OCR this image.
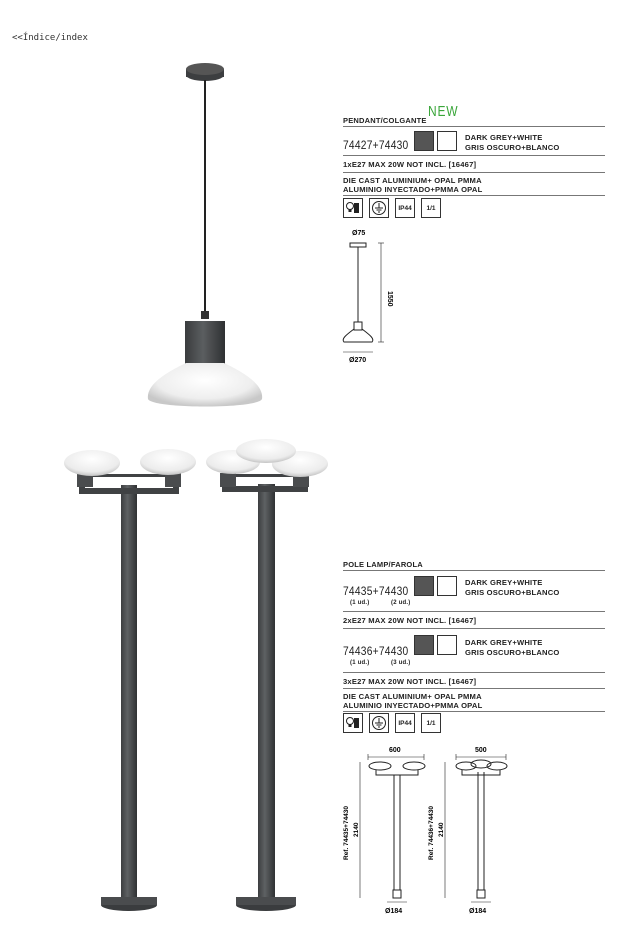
<<Índice/index
PENDANT/COLGANTE
NEW
74427+74430
DARK GREY+WHITE
GRIS OSCURO+BLANCO
1xE27 MAX 20W NOT INCL. [16467]
DIE CAST ALUMINIUM+ OPAL PMMA
ALUMINIO INYECTADO+PMMA OPAL
IP44	1/1
Ø75
1550
Ø270
POLE LAMP/FAROLA
74435+74430
(1 ud.)	(2 ud.)
DARK GREY+WHITE
GRIS OSCURO+BLANCO
2xE27 MAX 20W NOT INCL. [16467]
74436+74430
(1 ud.)	(3 ud.)
DARK GREY+WHITE
GRIS OSCURO+BLANCO
3xE27 MAX 20W NOT INCL. [16467]
DIE CAST ALUMINIUM+ OPAL PMMA
ALUMINIO INYECTADO+PMMA OPAL
IP44	1/1
600
Ø184
Ref. 74435+74430 2140
500
Ø184
Ref. 74436+74430 2140
